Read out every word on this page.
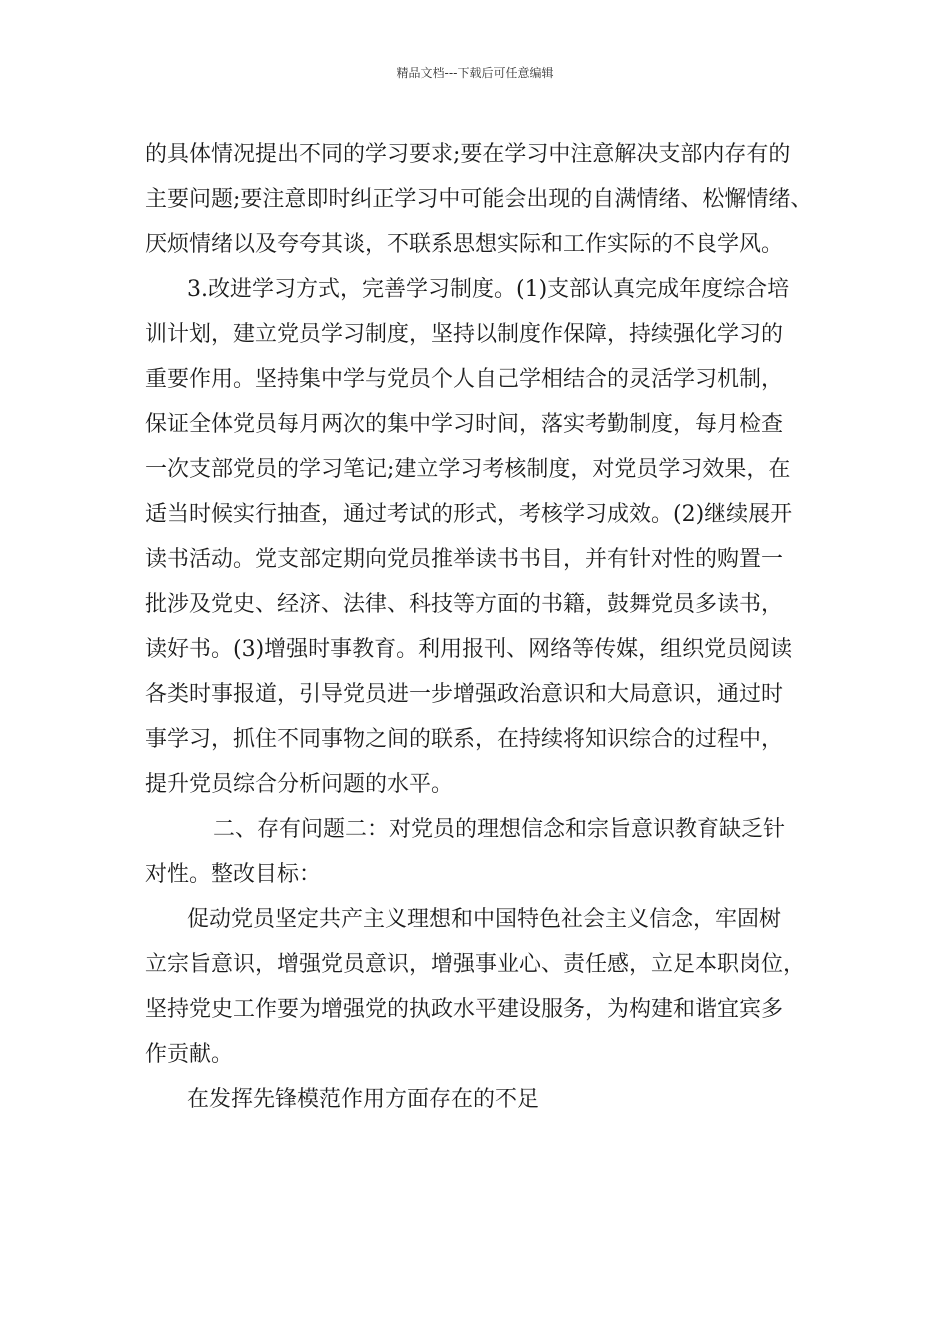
精品文档---下载后可任意编辑
的具体情况提出不同的学习要求;要在学习中注意解决支部内存有的
主要问题;要注意即时纠正学习中可能会出现的自满情绪、松懈情绪、
厌烦情绪以及夸夸其谈，不联系思想实际和工作实际的不良学风。
3.改进学习方式，完善学习制度。(1)支部认真完成年度综合培
训计划，建立党员学习制度，坚持以制度作保障，持续强化学习的
重要作用。坚持集中学与党员个人自己学相结合的灵活学习机制，
保证全体党员每月两次的集中学习时间，落实考勤制度，每月检查
一次支部党员的学习笔记;建立学习考核制度，对党员学习效果，在
适当时候实行抽查，通过考试的形式，考核学习成效。(2)继续展开
读书活动。党支部定期向党员推举读书书目，并有针对性的购置一
批涉及党史、经济、法律、科技等方面的书籍，鼓舞党员多读书，
读好书。(3)增强时事教育。利用报刊、网络等传媒，组织党员阅读
各类时事报道，引导党员进一步增强政治意识和大局意识，通过时
事学习，抓住不同事物之间的联系，在持续将知识综合的过程中，
提升党员综合分析问题的水平。
二、存有问题二：对党员的理想信念和宗旨意识教育缺乏针
对性。整改目标：
促动党员坚定共产主义理想和中国特色社会主义信念，牢固树
立宗旨意识，增强党员意识，增强事业心、责任感，立足本职岗位，
坚持党史工作要为增强党的执政水平建设服务，为构建和谐宜宾多
作贡献。
在发挥先锋模范作用方面存在的不足
